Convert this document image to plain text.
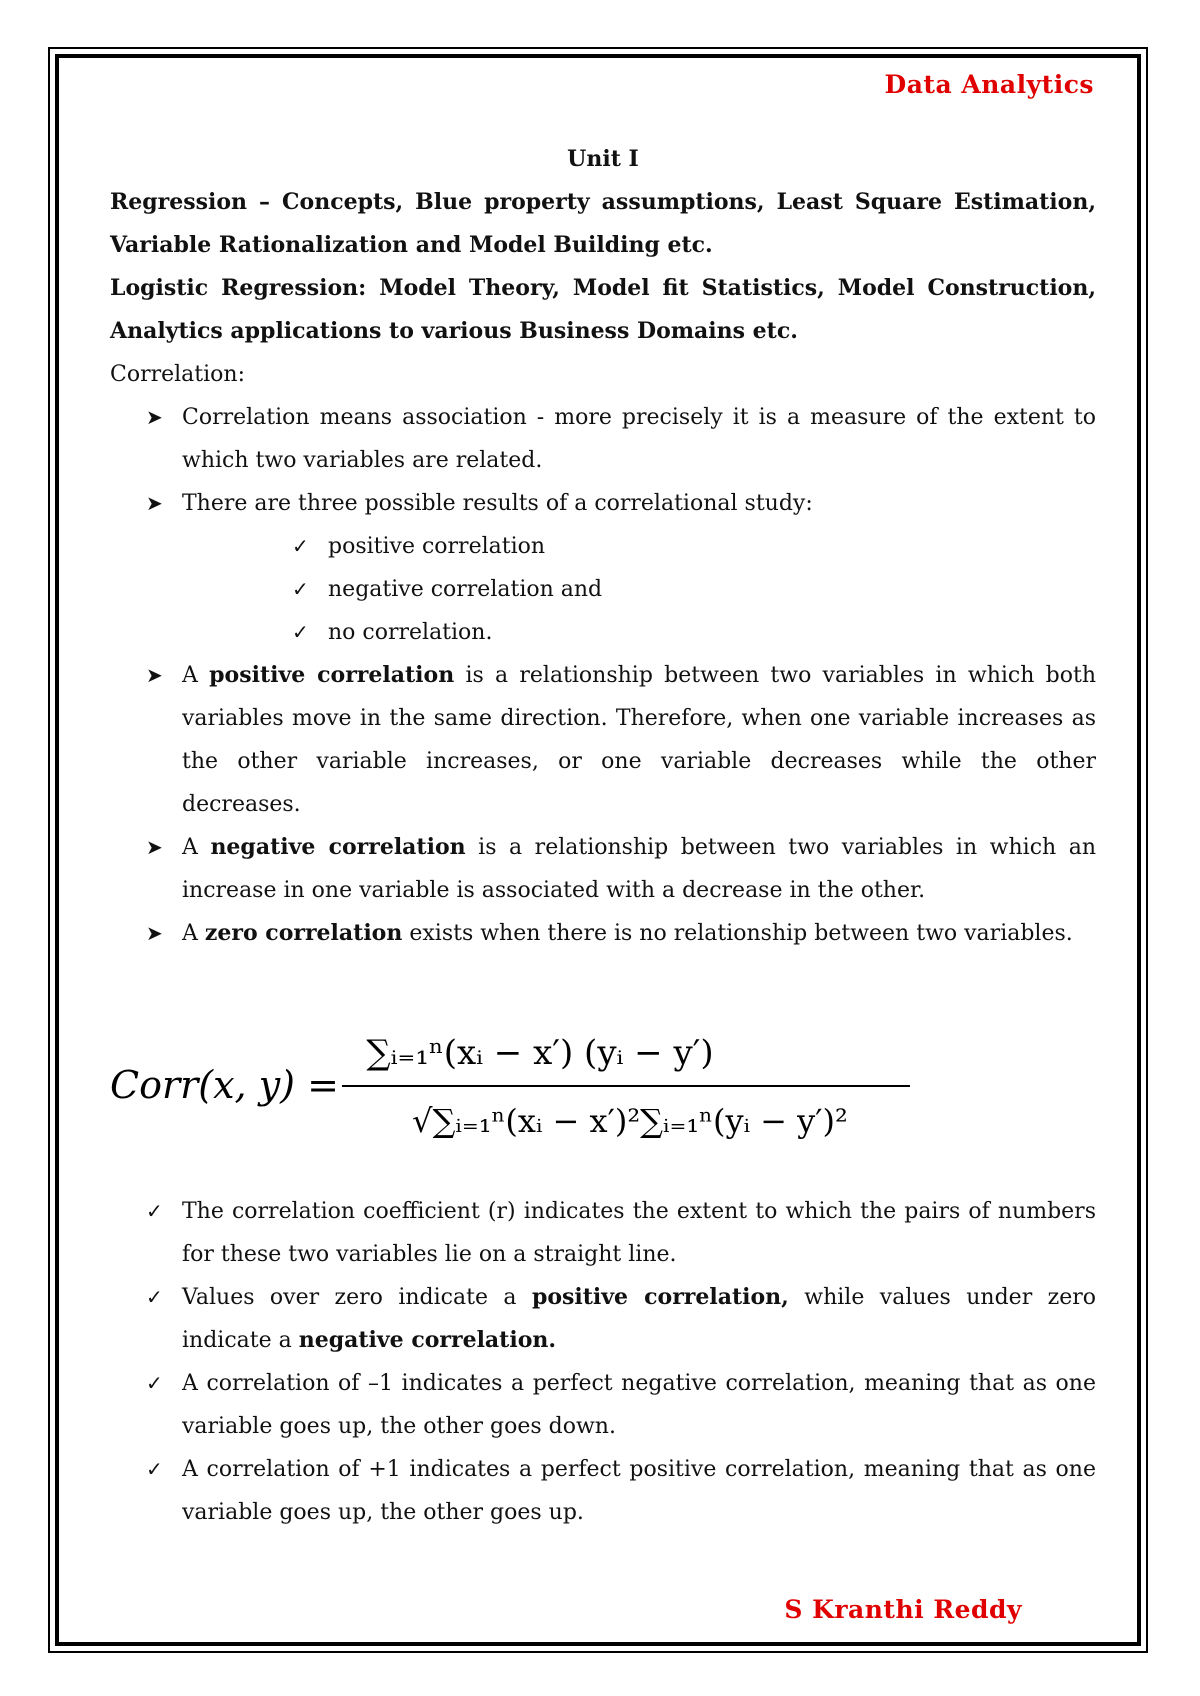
Data Analytics
Unit I
Regression – Concepts, Blue property assumptions, Least Square Estimation,
Variable Rationalization and Model Building etc.
Logistic Regression: Model Theory, Model fit Statistics, Model Construction,
Analytics applications to various Business Domains etc.
Correlation:
➤ Correlation means association - more precisely it is a measure of the extent to which two variables are related.
➤ There are three possible results of a correlational study:
✓ positive correlation
✓ negative correlation and
✓ no correlation.
➤ A positive correlation is a relationship between two variables in which both variables move in the same direction. Therefore, when one variable increases as the other variable increases, or one variable decreases while the other decreases.
➤ A negative correlation is a relationship between two variables in which an increase in one variable is associated with a decrease in the other.
➤ A zero correlation exists when there is no relationship between two variables.
Corr(x, y) =
∑ᵢ₌₁ⁿ(xᵢ − x′) (yᵢ − y′)
√∑ᵢ₌₁ⁿ(xᵢ − x′)²∑ᵢ₌₁ⁿ(yᵢ − y′)²
✓ The correlation coefficient (r) indicates the extent to which the pairs of numbers for these two variables lie on a straight line.
✓ Values over zero indicate a positive correlation, while values under zero indicate a negative correlation.
✓ A correlation of –1 indicates a perfect negative correlation, meaning that as one variable goes up, the other goes down.
✓ A correlation of +1 indicates a perfect positive correlation, meaning that as one variable goes up, the other goes up.
S Kranthi Reddy
